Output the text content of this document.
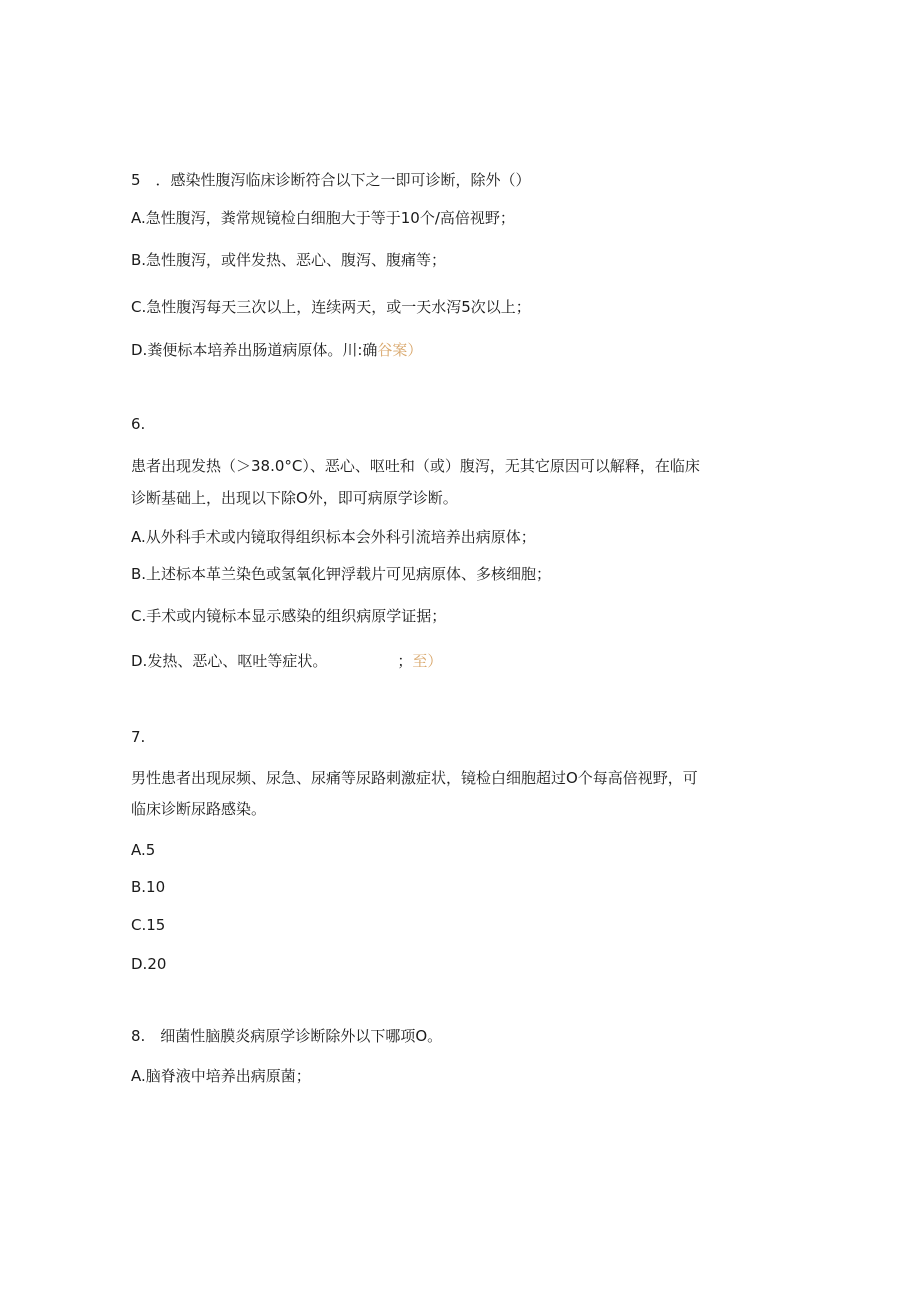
5　．感染性腹泻临床诊断符合以下之一即可诊断，除外（）
A.急性腹泻，粪常规镜检白细胞大于等于10个/高倍视野；
B.急性腹泻，或伴发热、恶心、腹泻、腹痛等；
C.急性腹泻每天三次以上，连续两天，或一天水泻5次以上；
D.粪便标本培养出肠道病原体。川:确谷案）
6.
患者出现发热（＞38.0°C）、恶心、呕吐和（或）腹泻，无其它原因可以解释，在临床
诊断基础上，出现以下除O外，即可病原学诊断。
A.从外科手术或内镜取得组织标本会外科引流培养出病原体；
B.上述标本革兰染色或氢氧化钾浮载片可见病原体、多核细胞；
C.手术或内镜标本显示感染的组织病原学证据；
D.发热、恶心、呕吐等症状。	；至）
7.
男性患者出现尿频、尿急、尿痛等尿路刺激症状，镜检白细胞超过O个每高倍视野，可
临床诊断尿路感染。
A.5
B.10
C.15
D.20
8.　细菌性脑膜炎病原学诊断除外以下哪项O。
A.脑脊液中培养出病原菌；
